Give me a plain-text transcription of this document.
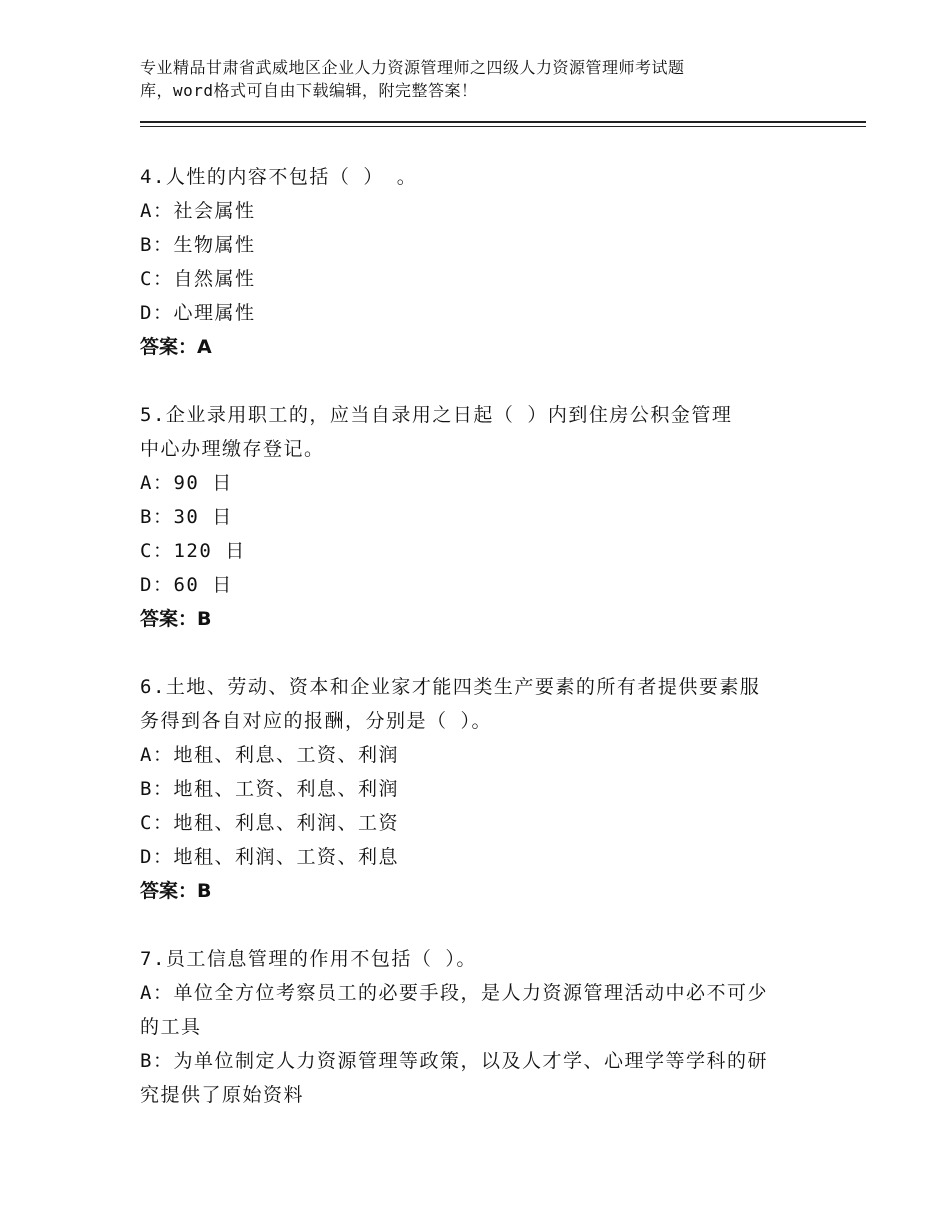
专业精品甘肃省武威地区企业人力资源管理师之四级人力资源管理师考试题
库，word格式可自由下载编辑，附完整答案！
4.人性的内容不包括（ ） 。
A：社会属性
B：生物属性
C：自然属性
D：心理属性
答案：A
5.企业录用职工的，应当自录用之日起（ ）内到住房公积金管理
中心办理缴存登记。
A：90 日
B：30 日
C：120 日
D：60 日
答案：B
6.土地、劳动、资本和企业家才能四类生产要素的所有者提供要素服
务得到各自对应的报酬，分别是（ ）。
A：地租、利息、工资、利润
B：地租、工资、利息、利润
C：地租、利息、利润、工资
D：地租、利润、工资、利息
答案：B
7.员工信息管理的作用不包括（ ）。
A：单位全方位考察员工的必要手段，是人力资源管理活动中必不可少
的工具
B：为单位制定人力资源管理等政策，以及人才学、心理学等学科的研
究提供了原始资料
